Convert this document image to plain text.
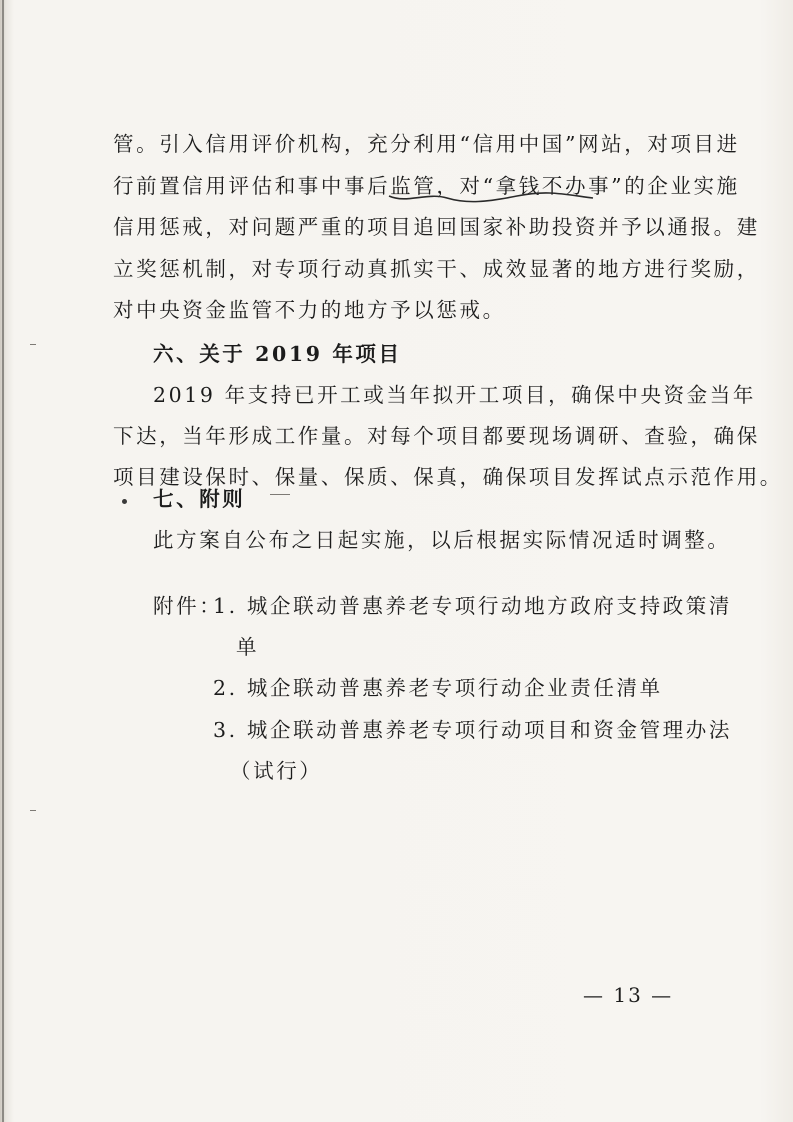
管。引入信用评价机构，充分利用“信用中国”网站，对项目进
行前置信用评估和事中事后监管，对“拿钱不办事”的企业实施
信用惩戒，对问题严重的项目追回国家补助投资并予以通报。建
立奖惩机制，对专项行动真抓实干、成效显著的地方进行奖励，
对中央资金监管不力的地方予以惩戒。
六、关于 2019 年项目
2019 年支持已开工或当年拟开工项目，确保中央资金当年
下达，当年形成工作量。对每个项目都要现场调研、查验，确保
项目建设保时、保量、保质、保真，确保项目发挥试点示范作用。
七、附则
此方案自公布之日起实施，以后根据实际情况适时调整。
附件：
1. 城企联动普惠养老专项行动地方政府支持政策清
单
2. 城企联动普惠养老专项行动企业责任清单
3. 城企联动普惠养老专项行动项目和资金管理办法
（试行）
— 13 —
